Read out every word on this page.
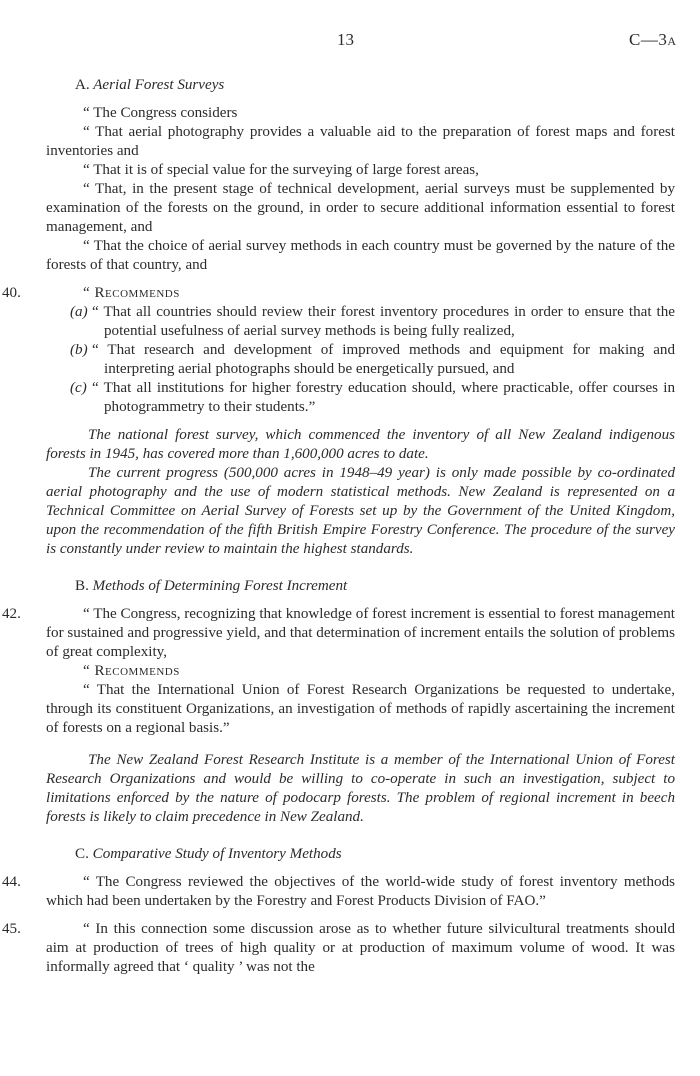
13	C—3A
A. Aerial Forest Surveys

“ The Congress considers

“ That aerial photography provides a valuable aid to the preparation of forest maps and forest inventories and

“ That it is of special value for the surveying of large forest areas,

“ That, in the present stage of technical development, aerial surveys must be supplemented by examination of the forests on the ground, in order to secure additional information essential to forest management, and

“ That the choice of aerial survey methods in each country must be governed by the nature of the forests of that country, and

40.	“ Recommends

(a) “ That all countries should review their forest inventory procedures in order to ensure that the potential usefulness of aerial survey methods is being fully realized,

(b) “ That research and development of improved methods and equipment for making and interpreting aerial photographs should be energetically pursued, and

(c) “ That all institutions for higher forestry education should, where practicable, offer courses in photogrammetry to their students.”

The national forest survey, which commenced the inventory of all New Zealand indigenous forests in 1945, has covered more than 1,600,000 acres to date.

The current progress (500,000 acres in 1948–49 year) is only made possible by co-ordinated aerial photography and the use of modern statistical methods. New Zealand is represented on a Technical Committee on Aerial Survey of Forests set up by the Government of the United Kingdom, upon the recommendation of the fifth British Empire Forestry Conference. The procedure of the survey is constantly under review to maintain the highest standards.

B. Methods of Determining Forest Increment
42.	“ The Congress, recognizing that knowledge of forest increment is essential to forest management for sustained and progressive yield, and that determination of increment entails the solution of problems of great complexity,

“ Recommends

“ That the International Union of Forest Research Organizations be requested to undertake, through its constituent Organizations, an investigation of methods of rapidly ascertaining the increment of forests on a regional basis.”

The New Zealand Forest Research Institute is a member of the International Union of Forest Research Organizations and would be willing to co-operate in such an investigation, subject to limitations enforced by the nature of podocarp forests. The problem of regional increment in beech forests is likely to claim precedence in New Zealand.

C. Comparative Study of Inventory Methods
44.	“ The Congress reviewed the objectives of the world-wide study of forest inventory methods which had been undertaken by the Forestry and Forest Products Division of FAO.”

45.	“ In this connection some discussion arose as to whether future silvicultural treatments should aim at production of trees of high quality or at production of maximum volume of wood. It was informally agreed that ‘ quality ’ was not the
